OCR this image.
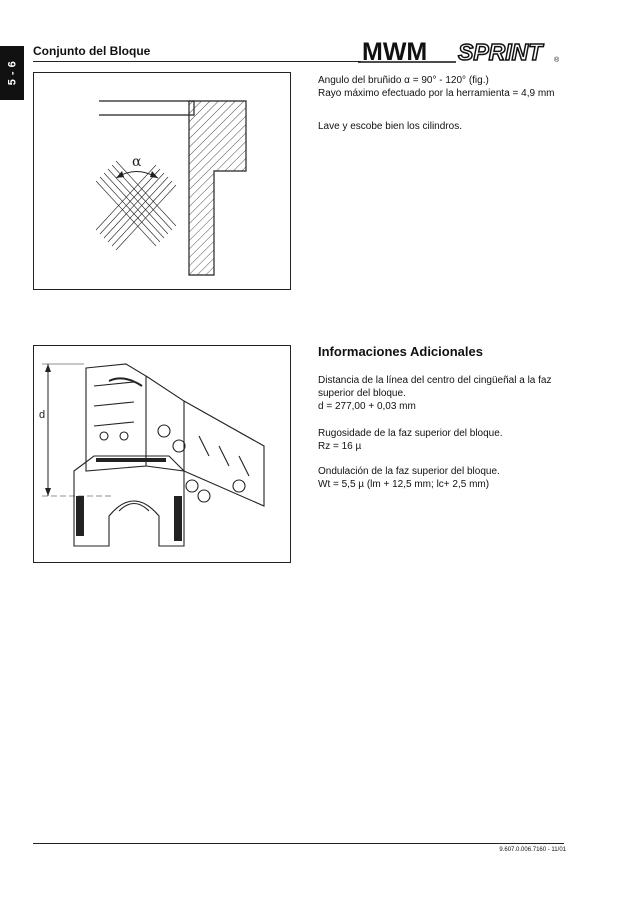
5 - 6
Conjunto del Bloque	MWM SPRINT ®
α
d

Angulo del bruñido α = 90° - 120° (fig.)

Rayo máximo efectuado por la herramienta = 4,9 mm

Lave y escobe bien los cilindros.

Informaciones Adicionales

Distancia de la línea del centro del cingüeñal a la faz

superior del bloque.

d = 277,00 + 0,03 mm

Rugosidade de la faz superior del bloque.

Rz = 16 µ

Ondulación de la faz superior del bloque.

Wt = 5,5 µ (lm + 12,5 mm; lc+ 2,5 mm)

9.607.0.006.7160 - 11/01
